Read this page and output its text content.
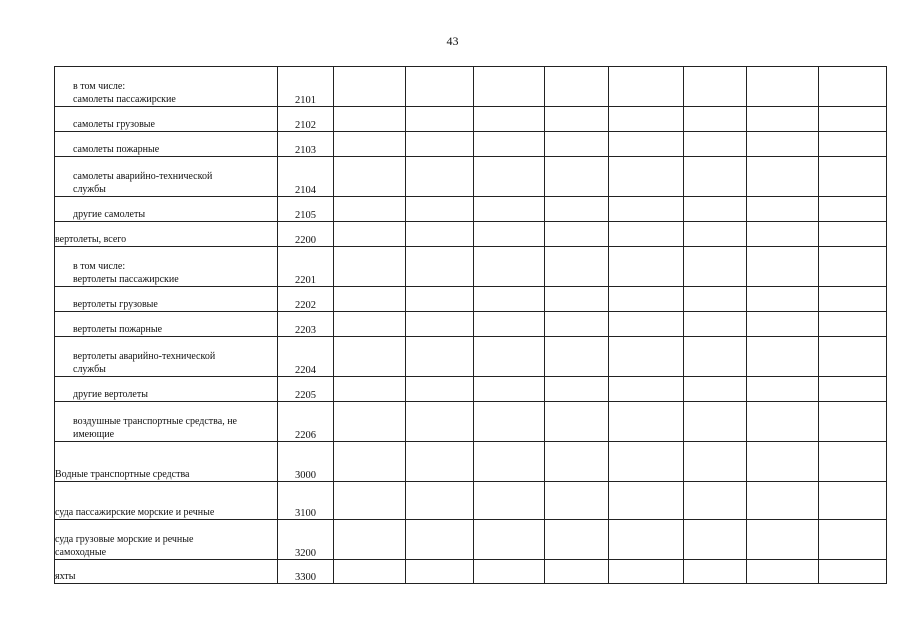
43
в том числе:
самолеты пассажирские	2101								
самолеты грузовые	2102								
самолеты пожарные	2103								
самолеты аварийно-технической
службы	2104								
другие самолеты	2105								
вертолеты, всего	2200								
в том числе:
вертолеты пассажирские	2201								
вертолеты грузовые	2202								
вертолеты пожарные	2203								
вертолеты аварийно-технической
службы	2204								
другие вертолеты	2205								
воздушные транспортные средства, не
имеющие	2206								
Водные транспортные средства	3000								
суда пассажирские морские и речные	3100								
суда грузовые морские и речные
самоходные	3200								
яхты	3300								
